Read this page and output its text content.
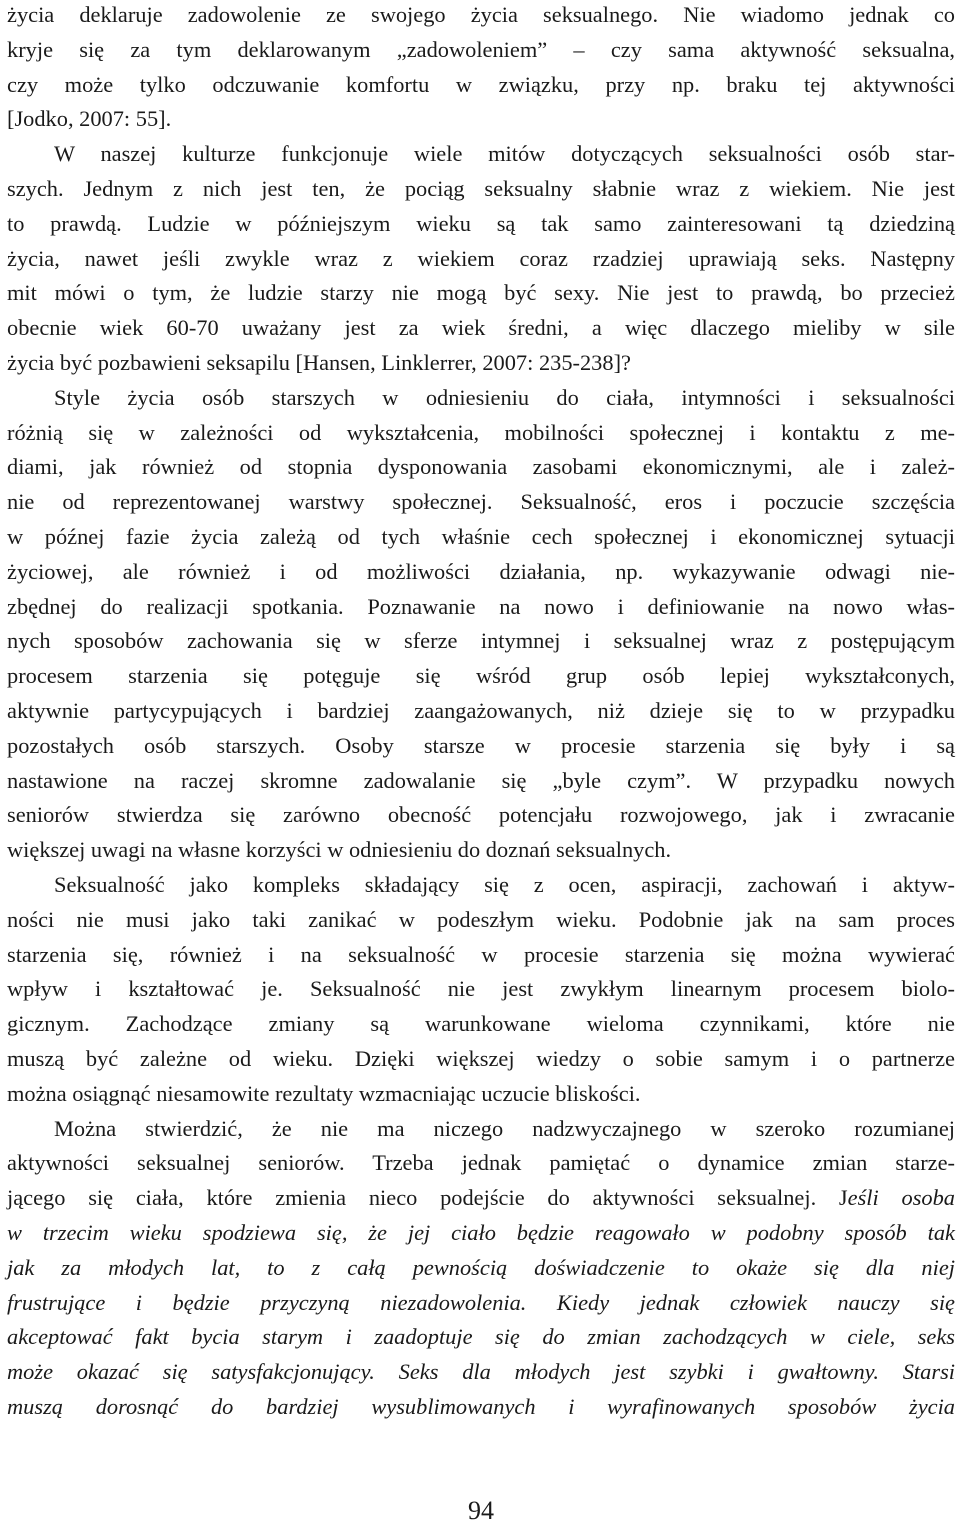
życia deklaruje zadowolenie ze swojego życia seksualnego. Nie wiadomo jednak co
kryje się za tym deklarowanym „zadowoleniem” – czy sama aktywność seksualna,
czy może tylko odczuwanie komfortu w związku, przy np. braku tej aktywności
[Jodko, 2007: 55].
W naszej kulturze funkcjonuje wiele mitów dotyczących seksualności osób star-
szych. Jednym z nich jest ten, że pociąg seksualny słabnie wraz z wiekiem. Nie jest
to prawdą. Ludzie w późniejszym wieku są tak samo zainteresowani tą dziedziną
życia, nawet jeśli zwykle wraz z wiekiem coraz rzadziej uprawiają seks. Następny
mit mówi o tym, że ludzie starzy nie mogą być sexy. Nie jest to prawdą, bo przecież
obecnie wiek 60-70 uważany jest za wiek średni, a więc dlaczego mieliby w sile
życia być pozbawieni seksapilu [Hansen, Linklerrer, 2007: 235-238]?
Style życia osób starszych w odniesieniu do ciała, intymności i seksualności
różnią się w zależności od wykształcenia, mobilności społecznej i kontaktu z me-
diami, jak również od stopnia dysponowania zasobami ekonomicznymi, ale i zależ-
nie od reprezentowanej warstwy społecznej. Seksualność, eros i poczucie szczęścia
w późnej fazie życia zależą od tych właśnie cech społecznej i ekonomicznej sytuacji
życiowej, ale również i od możliwości działania, np. wykazywanie odwagi nie-
zbędnej do realizacji spotkania. Poznawanie na nowo i definiowanie na nowo włas-
nych sposobów zachowania się w sferze intymnej i seksualnej wraz z postępującym
procesem starzenia się potęguje się wśród grup osób lepiej wykształconych,
aktywnie partycypujących i bardziej zaangażowanych, niż dzieje się to w przypadku
pozostałych osób starszych. Osoby starsze w procesie starzenia się były i są
nastawione na raczej skromne zadowalanie się „byle czym”. W przypadku nowych
seniorów stwierdza się zarówno obecność potencjału rozwojowego, jak i zwracanie
większej uwagi na własne korzyści w odniesieniu do doznań seksualnych.
Seksualność jako kompleks składający się z ocen, aspiracji, zachowań i aktyw-
ności nie musi jako taki zanikać w podeszłym wieku. Podobnie jak na sam proces
starzenia się, również i na seksualność w procesie starzenia się można wywierać
wpływ i kształtować je. Seksualność nie jest zwykłym linearnym procesem biolo-
gicznym. Zachodzące zmiany są warunkowane wieloma czynnikami, które nie
muszą być zależne od wieku. Dzięki większej wiedzy o sobie samym i o partnerze
można osiągnąć niesamowite rezultaty wzmacniając uczucie bliskości.
Można stwierdzić, że nie ma niczego nadzwyczajnego w szeroko rozumianej
aktywności seksualnej seniorów. Trzeba jednak pamiętać o dynamice zmian starze-
jącego się ciała, które zmienia nieco podejście do aktywności seksualnej. Jeśli osoba
w trzecim wieku spodziewa się, że jej ciało będzie reagowało w podobny sposób tak
jak za młodych lat, to z całą pewnością doświadczenie to okaże się dla niej
frustrujące i będzie przyczyną niezadowolenia. Kiedy jednak człowiek nauczy się
akceptować fakt bycia starym i zaadoptuje się do zmian zachodzących w ciele, seks
może okazać się satysfakcjonujący. Seks dla młodych jest szybki i gwałtowny. Starsi
muszą dorosnąć do bardziej wysublimowanych i wyrafinowanych sposobów życia
94
